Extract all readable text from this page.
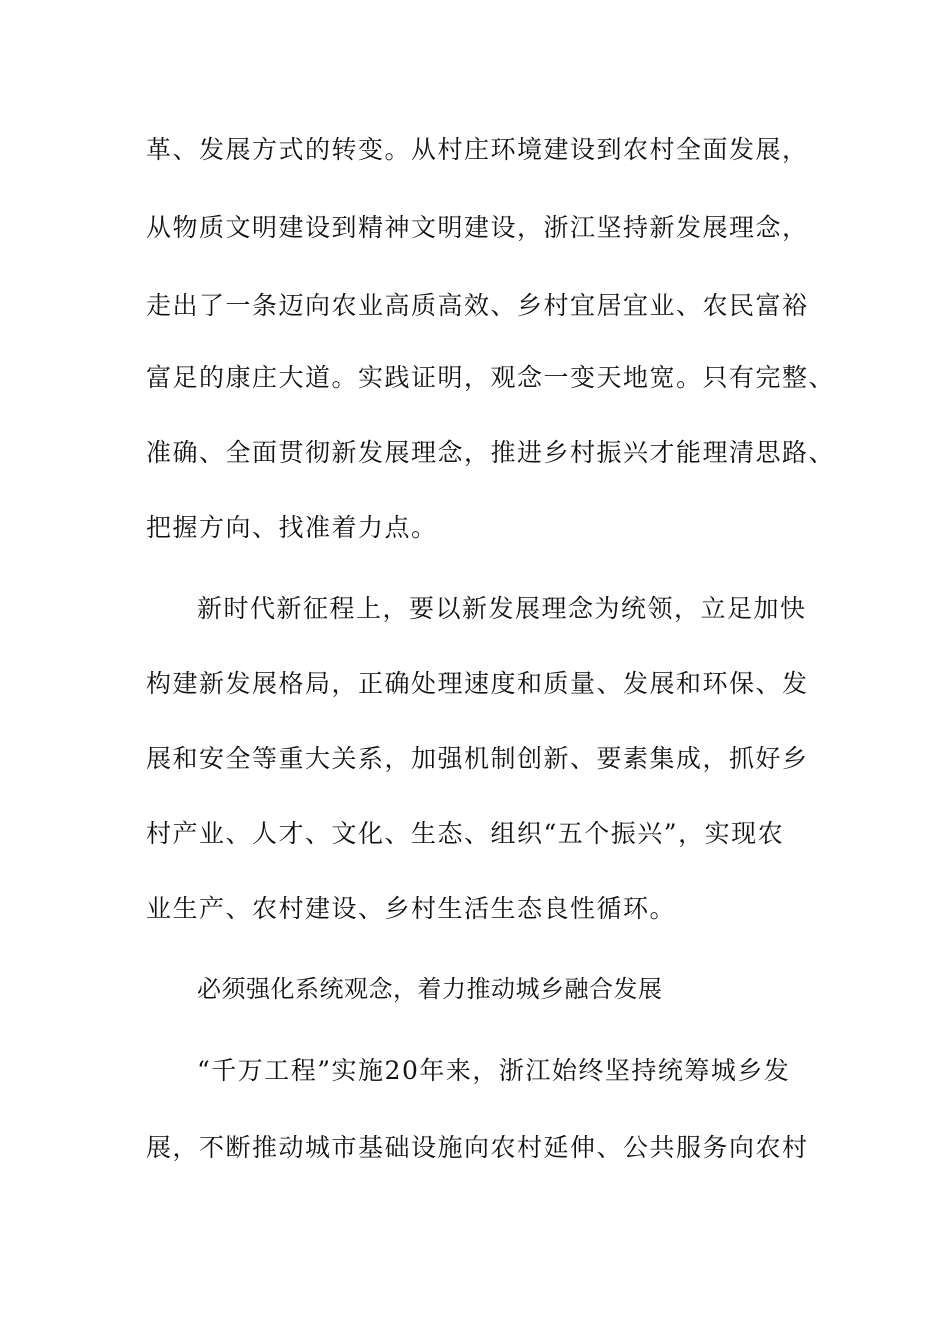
革、发展方式的转变。从村庄环境建设到农村全面发展，
从物质文明建设到精神文明建设，浙江坚持新发展理念，
走出了一条迈向农业高质高效、乡村宜居宜业、农民富裕
富足的康庄大道。实践证明，观念一变天地宽。只有完整、
准确、全面贯彻新发展理念，推进乡村振兴才能理清思路、
把握方向、找准着力点。
新时代新征程上，要以新发展理念为统领，立足加快
构建新发展格局，正确处理速度和质量、发展和环保、发
展和安全等重大关系，加强机制创新、要素集成，抓好乡
村产业、人才、文化、生态、组织“五个振兴”，实现农
业生产、农村建设、乡村生活生态良性循环。
必须强化系统观念，着力推动城乡融合发展
“千万工程”实施20年来，浙江始终坚持统筹城乡发
展，不断推动城市基础设施向农村延伸、公共服务向农村
